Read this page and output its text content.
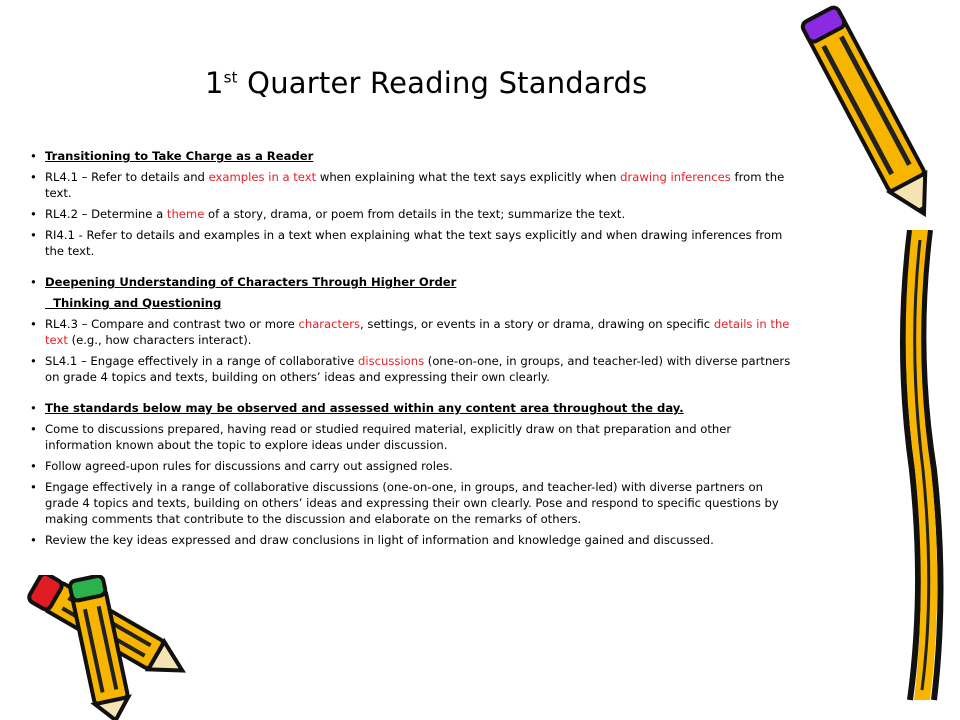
1st Quarter Reading Standards
• Transitioning to Take Charge as a Reader
• RL4.1 – Refer to details and examples in a text when explaining what the text says explicitly when drawing inferences from the text.
• RL4.2 – Determine a theme of a story, drama, or poem from details in the text; summarize the text.
• RI4.1 - Refer to details and examples in a text when explaining what the text says explicitly and when drawing inferences from the text.
• Deepening Understanding of Characters Through Higher Order
Thinking and Questioning
• RL4.3 – Compare and contrast two or more characters, settings, or events in a story or drama, drawing on specific details in the text (e.g., how characters interact).
• SL4.1 – Engage effectively in a range of collaborative discussions (one-on-one, in groups, and teacher-led) with diverse partners on grade 4 topics and texts, building on others’ ideas and expressing their own clearly.
• The standards below may be observed and assessed within any content area throughout the day.
• Come to discussions prepared, having read or studied required material, explicitly draw on that preparation and other information known about the topic to explore ideas under discussion.
• Follow agreed-upon rules for discussions and carry out assigned roles.
• Engage effectively in a range of collaborative discussions (one-on-one, in groups, and teacher-led) with diverse partners on grade 4 topics and texts, building on others’ ideas and expressing their own clearly. Pose and respond to specific questions by making comments that contribute to the discussion and elaborate on the remarks of others.
• Review the key ideas expressed and draw conclusions in light of information and knowledge gained and discussed.
